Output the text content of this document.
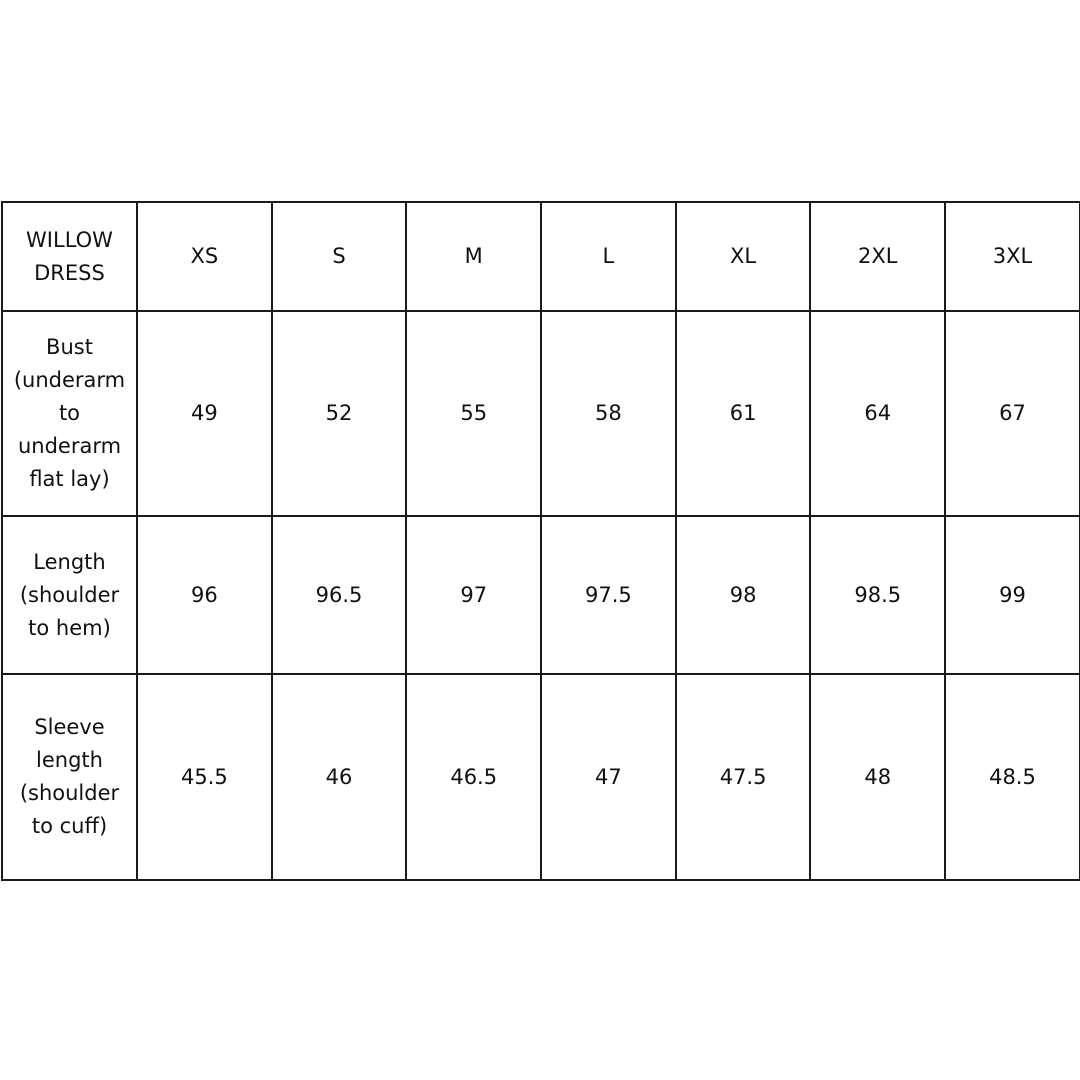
WILLOW
DRESS	XS	S	M	L	XL	2XL	3XL
Bust
(underarm
to
underarm
flat lay)	49	52	55	58	61	64	67
Length
(shoulder
to hem)	96	96.5	97	97.5	98	98.5	99
Sleeve
length
(shoulder
to cuff)	45.5	46	46.5	47	47.5	48	48.5
